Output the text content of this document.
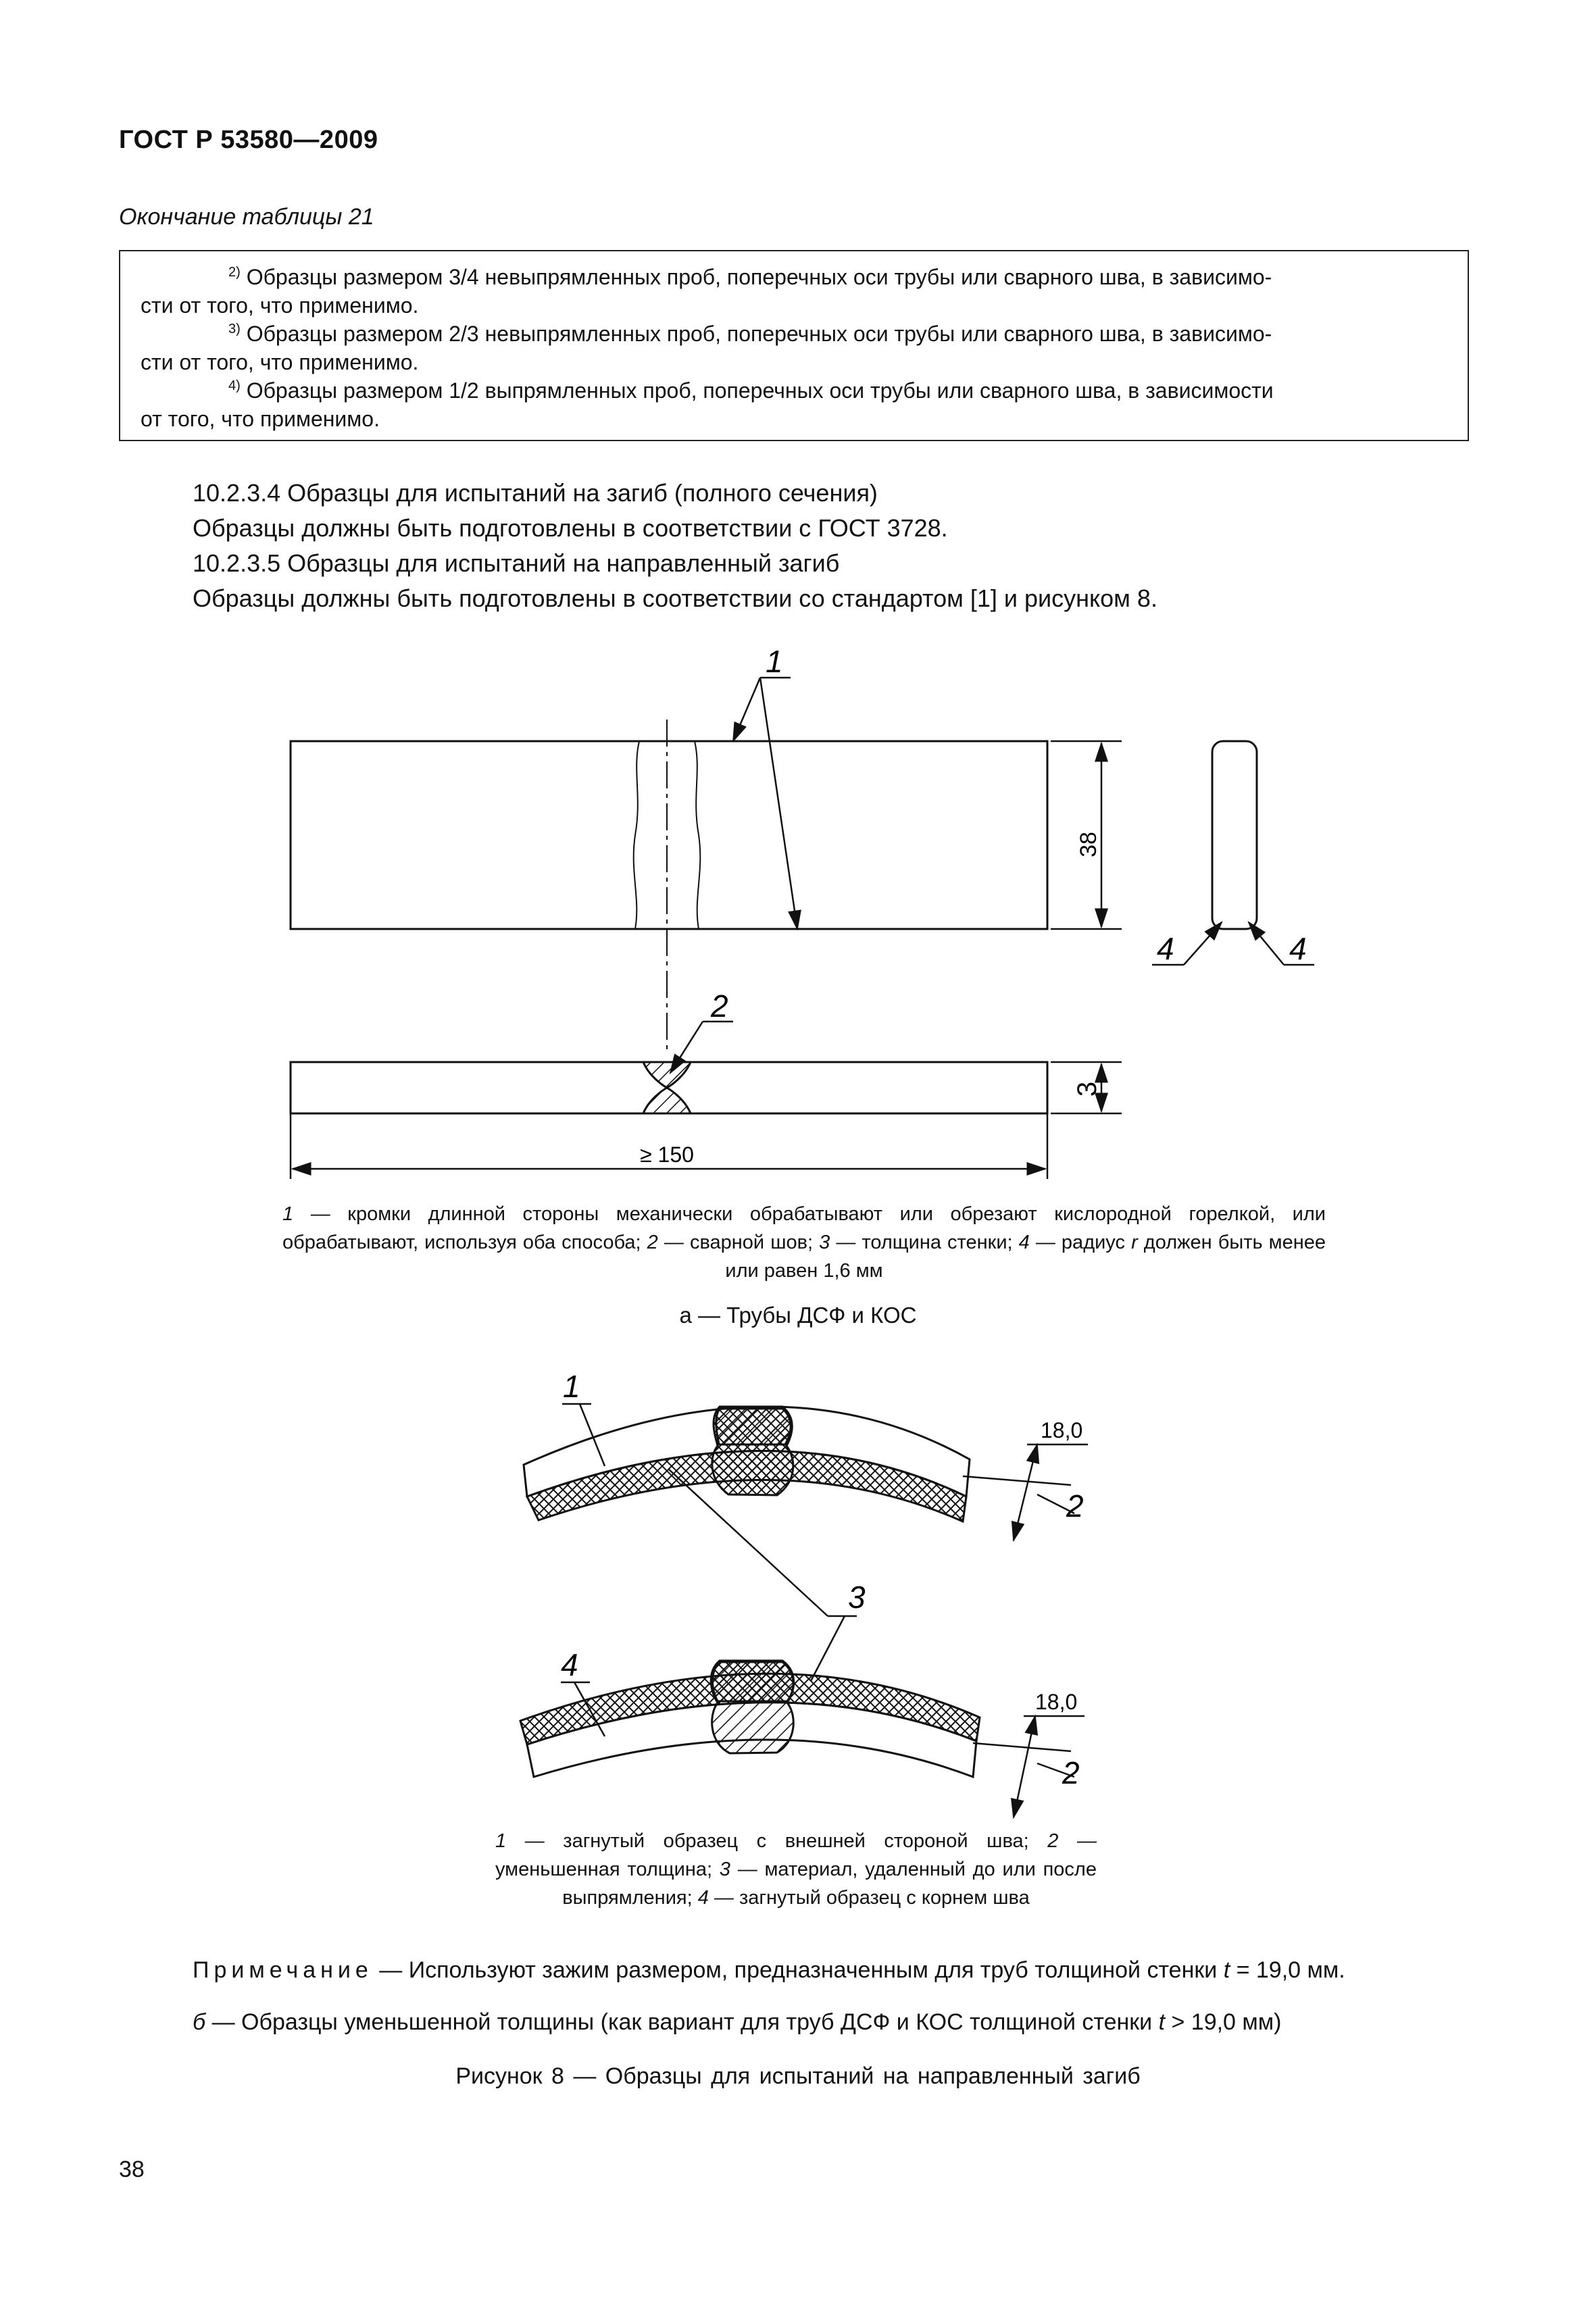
ГОСТ Р 53580—2009
Окончание таблицы 21
$^{2)}$ Образцы размером 3/4 невыпрямленных проб, поперечных оси трубы или сварного шва, в зависимо-
сти от того, что применимо.
$^{3)}$ Образцы размером 2/3 невыпрямленных проб, поперечных оси трубы или сварного шва, в зависимо-
сти от того, что применимо.
$^{4)}$ Образцы размером 1/2 выпрямленных проб, поперечных оси трубы или сварного шва, в зависимости
от того, что применимо.
10.2.3.4 Образцы для испытаний на загиб (полного сечения)
Образцы должны быть подготовлены в соответствии с ГОСТ 3728.
10.2.3.5 Образцы для испытаний на направленный загиб
Образцы должны быть подготовлены в соответствии со стандартом [1] и рисунком 8.
1
38
4	4
2
3
≥ 150
1
18,0
2
3
4
18,0
2
1 — кромки длинной стороны механически обрабатывают или обрезают кислородной горелкой, или обрабатывают, используя оба способа; 2 — сварной шов; 3 — толщина стенки; 4 — радиус r должен быть менее или равен 1,6 мм
а — Трубы ДСФ и КОС
1 — загнутый образец с внешней стороной шва; 2 — уменьшенная толщина; 3 — материал, удаленный до или после выпрямления; 4 — загнутый образец с корнем шва
Примечание — Используют зажим размером, предназначенным для труб толщиной стенки t = 19,0 мм.
б — Образцы уменьшенной толщины (как вариант для труб ДСФ и КОС толщиной стенки t > 19,0 мм)
Рисунок 8 — Образцы для испытаний на направленный загиб
38
